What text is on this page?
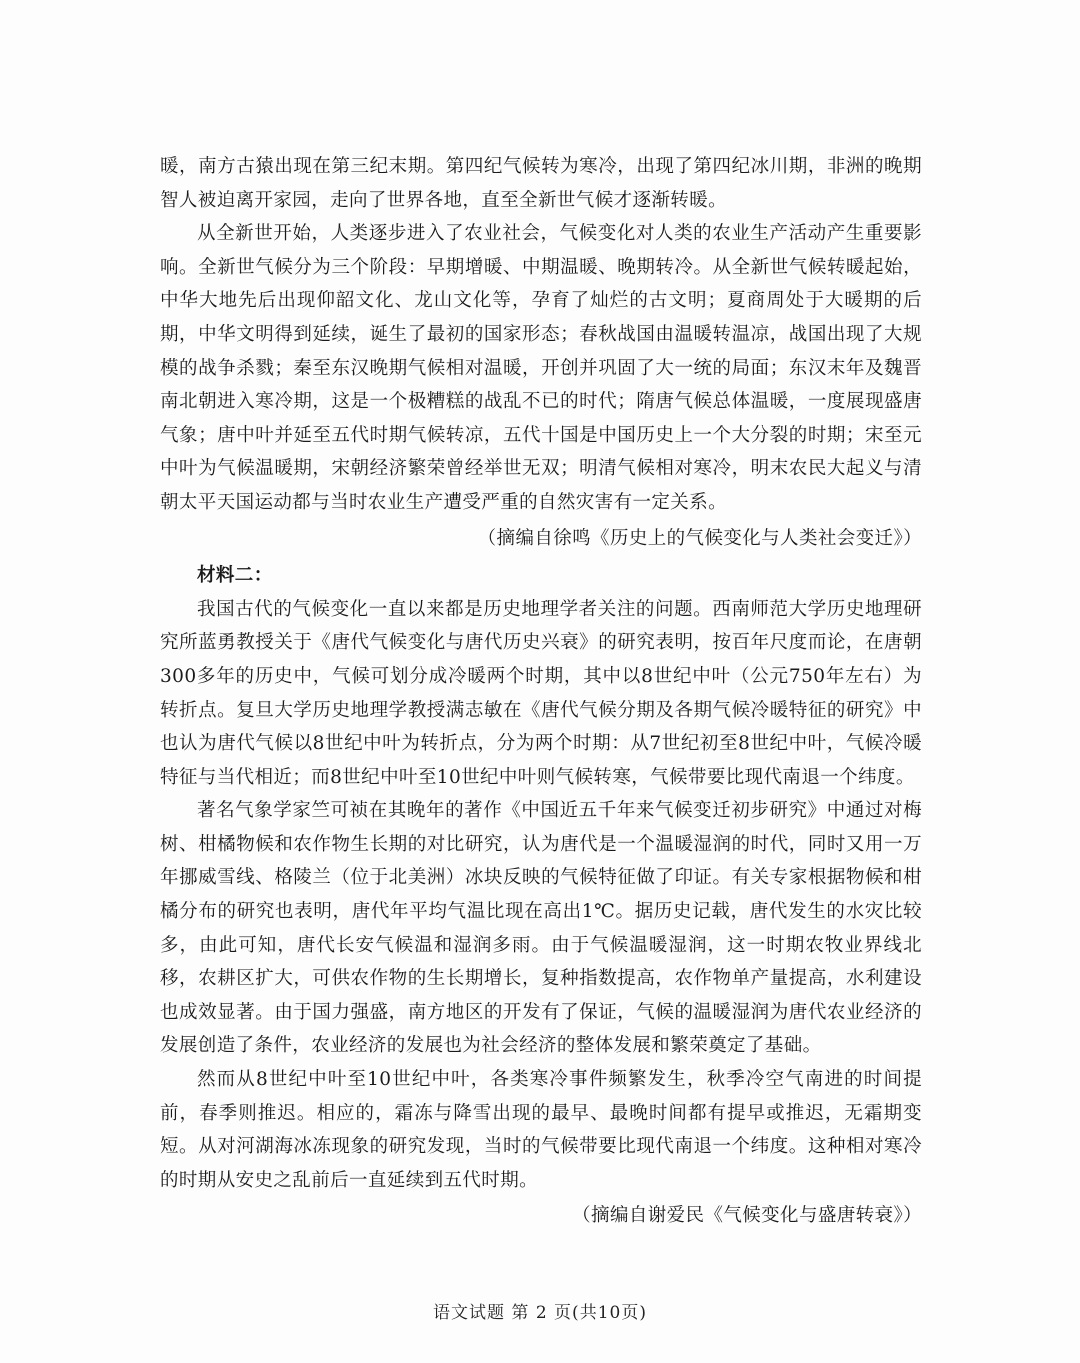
暖，南方古猿出现在第三纪末期。第四纪气候转为寒冷，出现了第四纪冰川期，非洲的晚期智人被迫离开家园，走向了世界各地，直至全新世气候才逐渐转暖。

从全新世开始，人类逐步进入了农业社会，气候变化对人类的农业生产活动产生重要影响。全新世气候分为三个阶段：早期增暖、中期温暖、晚期转冷。从全新世气候转暖起始，中华大地先后出现仰韶文化、龙山文化等，孕育了灿烂的古文明；夏商周处于大暖期的后期，中华文明得到延续，诞生了最初的国家形态；春秋战国由温暖转温凉，战国出现了大规模的战争杀戮；秦至东汉晚期气候相对温暖，开创并巩固了大一统的局面；东汉末年及魏晋南北朝进入寒冷期，这是一个极糟糕的战乱不已的时代；隋唐气候总体温暖，一度展现盛唐气象；唐中叶并延至五代时期气候转凉，五代十国是中国历史上一个大分裂的时期；宋至元中叶为气候温暖期，宋朝经济繁荣曾经举世无双；明清气候相对寒冷，明末农民大起义与清朝太平天国运动都与当时农业生产遭受严重的自然灾害有一定关系。

（摘编自徐鸣《历史上的气候变化与人类社会变迁》）

材料二：

我国古代的气候变化一直以来都是历史地理学者关注的问题。西南师范大学历史地理研究所蓝勇教授关于《唐代气候变化与唐代历史兴衰》的研究表明，按百年尺度而论，在唐朝300多年的历史中，气候可划分成冷暖两个时期，其中以8世纪中叶（公元750年左右）为转折点。复旦大学历史地理学教授满志敏在《唐代气候分期及各期气候冷暖特征的研究》中也认为唐代气候以8世纪中叶为转折点，分为两个时期：从7世纪初至8世纪中叶，气候冷暖特征与当代相近；而8世纪中叶至10世纪中叶则气候转寒，气候带要比现代南退一个纬度。

著名气象学家竺可祯在其晚年的著作《中国近五千年来气候变迁初步研究》中通过对梅树、柑橘物候和农作物生长期的对比研究，认为唐代是一个温暖湿润的时代，同时又用一万年挪威雪线、格陵兰（位于北美洲）冰块反映的气候特征做了印证。有关专家根据物候和柑橘分布的研究也表明，唐代年平均气温比现在高出1℃。据历史记载，唐代发生的水灾比较多，由此可知，唐代长安气候温和湿润多雨。由于气候温暖湿润，这一时期农牧业界线北移，农耕区扩大，可供农作物的生长期增长，复种指数提高，农作物单产量提高，水利建设也成效显著。由于国力强盛，南方地区的开发有了保证，气候的温暖湿润为唐代农业经济的发展创造了条件，农业经济的发展也为社会经济的整体发展和繁荣奠定了基础。

然而从8世纪中叶至10世纪中叶，各类寒冷事件频繁发生，秋季冷空气南进的时间提前，春季则推迟。相应的，霜冻与降雪出现的最早、最晚时间都有提早或推迟，无霜期变短。从对河湖海冰冻现象的研究发现，当时的气候带要比现代南退一个纬度。这种相对寒冷的时期从安史之乱前后一直延续到五代时期。

（摘编自谢爱民《气候变化与盛唐转衰》）

语文试题 第 2 页(共10页)
